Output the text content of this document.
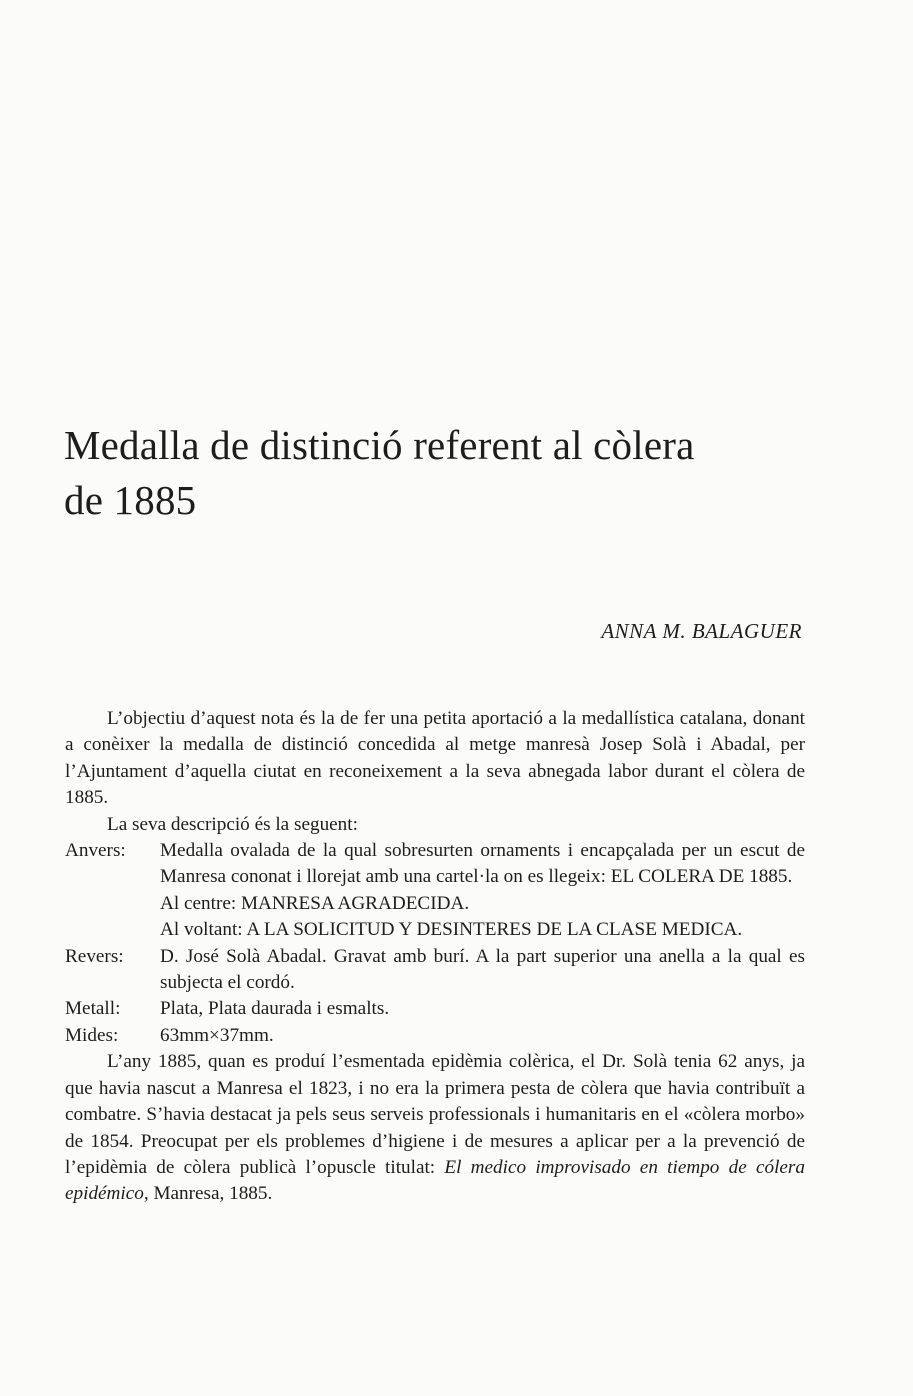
Medalla de distinció referent al còlera
de 1885
ANNA M. BALAGUER

L’objectiu d’aquest nota és la de fer una petita aportació a la medallística catalana, donant a conèixer la medalla de distinció concedida al metge manresà Josep Solà i Abadal, per l’Ajuntament d’aquella ciutat en reconeixement a la seva abnegada labor durant el còlera de 1885.

La seva descripció és la seguent:

Anvers:	Medalla ovalada de la qual sobresurten ornaments i encapçalada per un escut de Manresa cononat i llorejat amb una cartel·la on es llegeix: EL COLERA DE 1885.
Al centre: MANRESA AGRADECIDA.
Al voltant: A LA SOLICITUD Y DESINTERES DE LA CLASE MEDICA.
Revers:	D. José Solà Abadal. Gravat amb burí. A la part superior una anella a la qual es subjecta el cordó.
Metall:	Plata, Plata daurada i esmalts.
Mides:	63mm×37mm.

L’any 1885, quan es produí l’esmentada epidèmia colèrica, el Dr. Solà tenia 62 anys, ja que havia nascut a Manresa el 1823, i no era la primera pesta de còlera que havia contribuït a combatre. S’havia destacat ja pels seus serveis professionals i humanitaris en el «còlera morbo» de 1854. Preocupat per els problemes d’higiene i de mesures a aplicar per a la prevenció de l’epidèmia de còlera publicà l’opuscle titulat: El medico improvisado en tiempo de cólera epidémico, Manresa, 1885.
